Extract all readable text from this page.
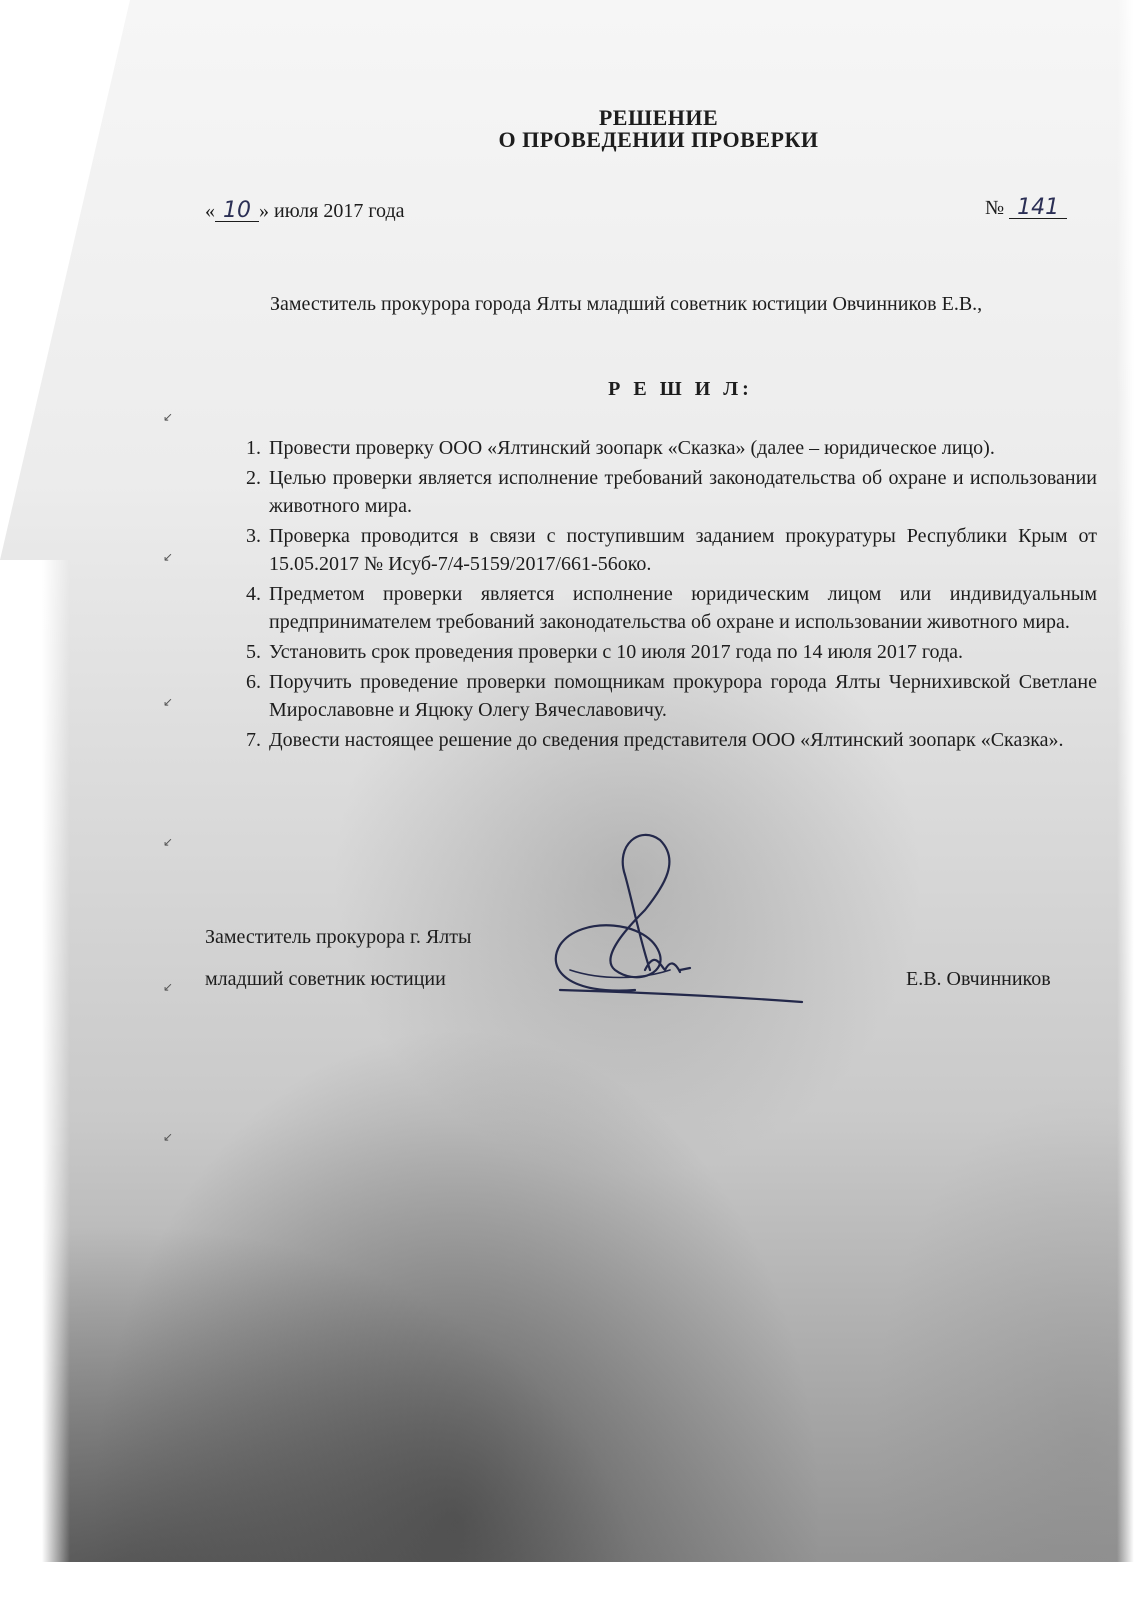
РЕШЕНИЕ
О ПРОВЕДЕНИИ ПРОВЕРКИ
« 10 » июля 2017 года	№ 141
Заместитель прокурора города Ялты младший советник юстиции Овчинников Е.В.,
Р Е Ш И Л:
1. Провести проверку ООО «Ялтинский зоопарк «Сказка» (далее – юридическое лицо).
2. Целью проверки является исполнение требований законодательства об охране и использовании животного мира.
3. Проверка проводится в связи с поступившим заданием прокуратуры Республики Крым от 15.05.2017 № Исуб-7/4-5159/2017/661-56око.
4. Предметом проверки является исполнение юридическим лицом или индивидуальным предпринимателем требований законодательства об охране и использовании животного мира.
5. Установить срок проведения проверки с 10 июля 2017 года по 14 июля 2017 года.
6. Поручить проведение проверки помощникам прокурора города Ялты Черниxивской Светлане Мирославовне и Яцюку Олегу Вячеславовичу.
7. Довести настоящее решение до сведения представителя ООО «Ялтинский зоопарк «Сказка».
Заместитель прокурора г. Ялты
младший советник юстиции	Е.В. Овчинников
↙
↙
↙
↙
↙
↙
